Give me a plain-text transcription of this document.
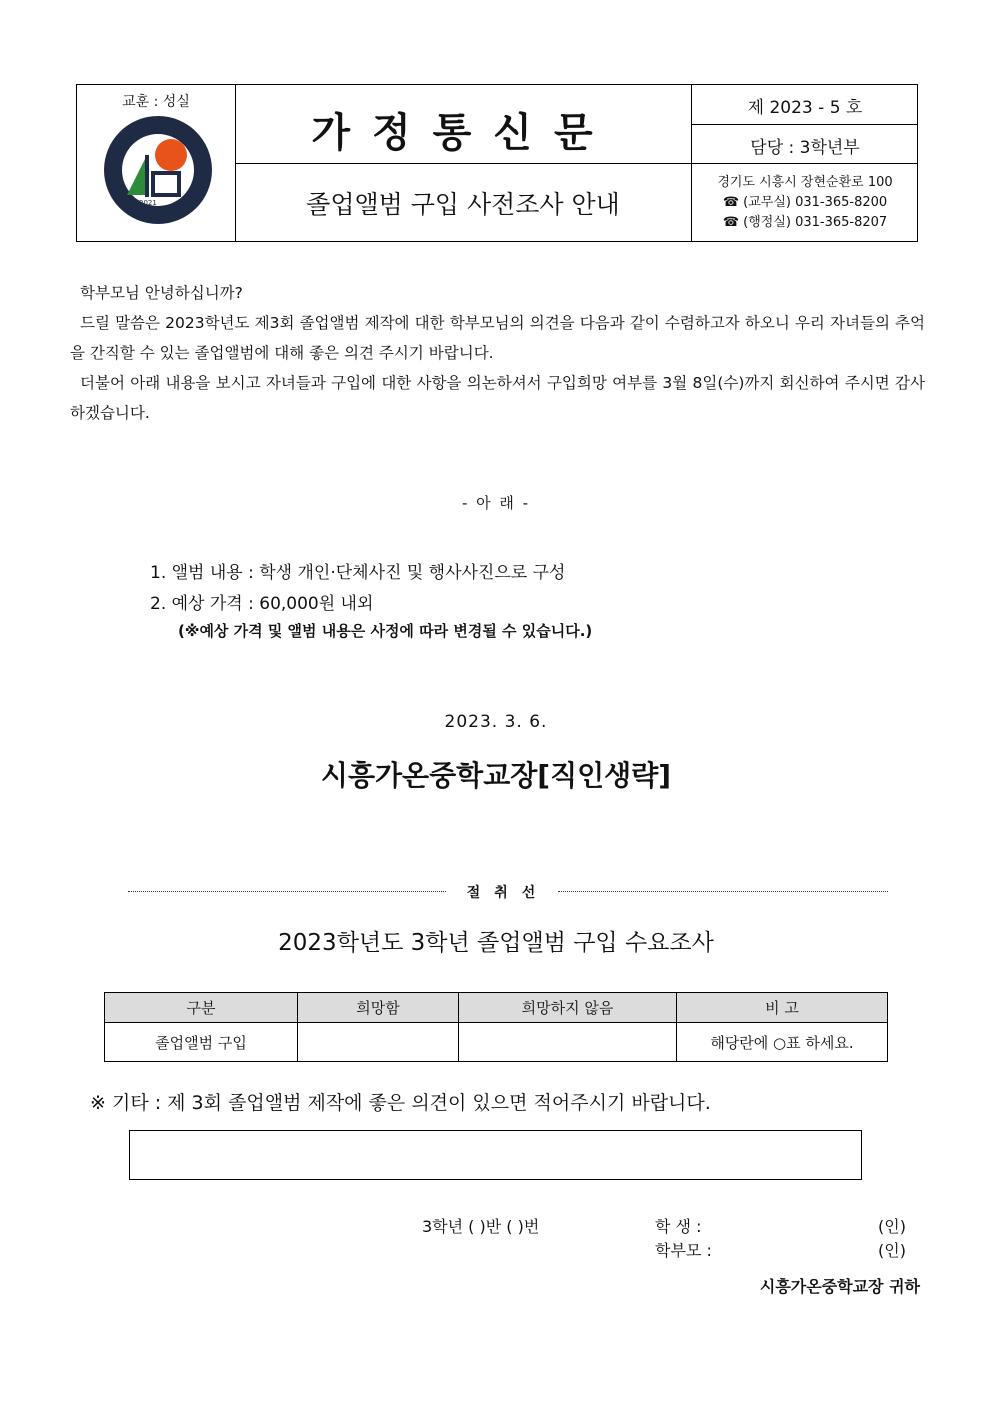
교훈 : 성실
2021
가정통신문
졸업앨범 구입 사전조사 안내
제 2023 - 5 호
담당 : 3학년부
경기도 시흥시 장현순환로 100
☎ (교무실) 031-365-8200
☎ (행정실) 031-365-8207

학부모님 안녕하십니까?

드릴 말씀은 2023학년도 제3회 졸업앨범 제작에 대한 학부모님의 의견을 다음과 같이 수렴하고자 하오니 우리 자녀들의 추억을 간직할 수 있는 졸업앨범에 대해 좋은 의견 주시기 바랍니다.

더불어 아래 내용을 보시고 자녀들과 구입에 대한 사항을 의논하셔서 구입희망 여부를 3월 8일(수)까지 회신하여 주시면 감사하겠습니다.

- 아 래 -
1. 앨범 내용 : 학생 개인·단체사진 및 행사사진으로 구성
2. 예상 가격 : 60,000원 내외
(※예상 가격 및 앨범 내용은 사정에 따라 변경될 수 있습니다.)
2023. 3. 6.
시흥가온중학교장[직인생략]
절취선
2023학년도 3학년 졸업앨범 구입 수요조사
구분	희망함	희망하지 않음	비 고
졸업앨범 구입			해당란에 ○표 하세요.
※ 기타 : 제 3회 졸업앨범 제작에 좋은 의견이 있으면 적어주시기 바랍니다.
3학년 ( )반 ( )번	학 생 :	(인)
학부모 :	(인)
시흥가온중학교장 귀하
